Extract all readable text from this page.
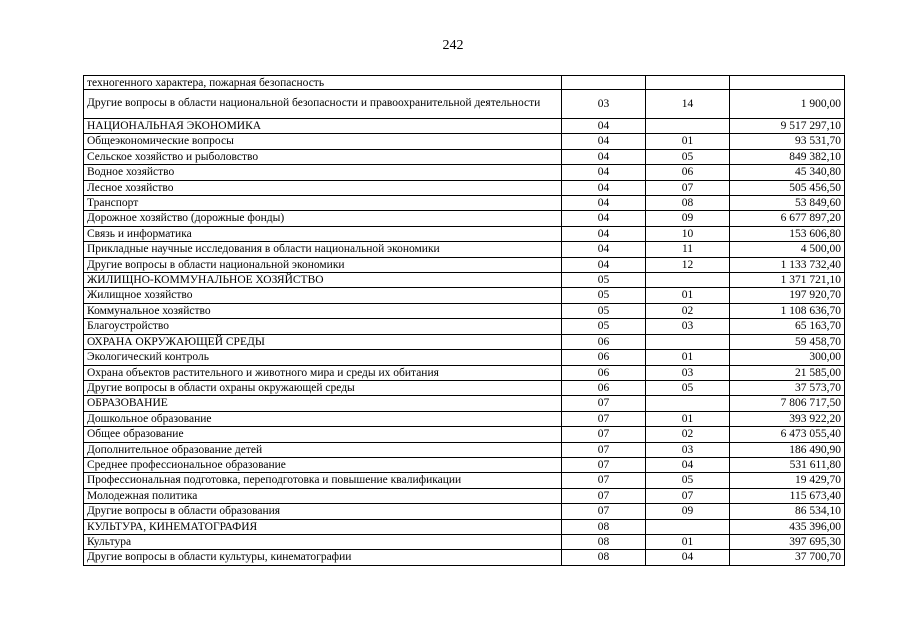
242
техногенного характера, пожарная безопасность			
Другие вопросы в области национальной безопасности и правоохранительной деятельности	03	14	1 900,00
НАЦИОНАЛЬНАЯ ЭКОНОМИКА	04		9 517 297,10
Общеэкономические вопросы	04	01	93 531,70
Сельское хозяйство и рыболовство	04	05	849 382,10
Водное хозяйство	04	06	45 340,80
Лесное хозяйство	04	07	505 456,50
Транспорт	04	08	53 849,60
Дорожное хозяйство (дорожные фонды)	04	09	6 677 897,20
Связь и информатика	04	10	153 606,80
Прикладные научные исследования в области национальной экономики	04	11	4 500,00
Другие вопросы в области национальной экономики	04	12	1 133 732,40
ЖИЛИЩНО-КОММУНАЛЬНОЕ ХОЗЯЙСТВО	05		1 371 721,10
Жилищное хозяйство	05	01	197 920,70
Коммунальное хозяйство	05	02	1 108 636,70
Благоустройство	05	03	65 163,70
ОХРАНА ОКРУЖАЮЩЕЙ СРЕДЫ	06		59 458,70
Экологический контроль	06	01	300,00
Охрана объектов растительного и животного мира и среды их обитания	06	03	21 585,00
Другие вопросы в области охраны окружающей среды	06	05	37 573,70
ОБРАЗОВАНИЕ	07		7 806 717,50
Дошкольное образование	07	01	393 922,20
Общее образование	07	02	6 473 055,40
Дополнительное образование детей	07	03	186 490,90
Среднее профессиональное образование	07	04	531 611,80
Профессиональная подготовка, переподготовка и повышение квалификации	07	05	19 429,70
Молодежная политика	07	07	115 673,40
Другие вопросы в области образования	07	09	86 534,10
КУЛЬТУРА, КИНЕМАТОГРАФИЯ	08		435 396,00
Культура	08	01	397 695,30
Другие вопросы в области культуры, кинематографии	08	04	37 700,70
